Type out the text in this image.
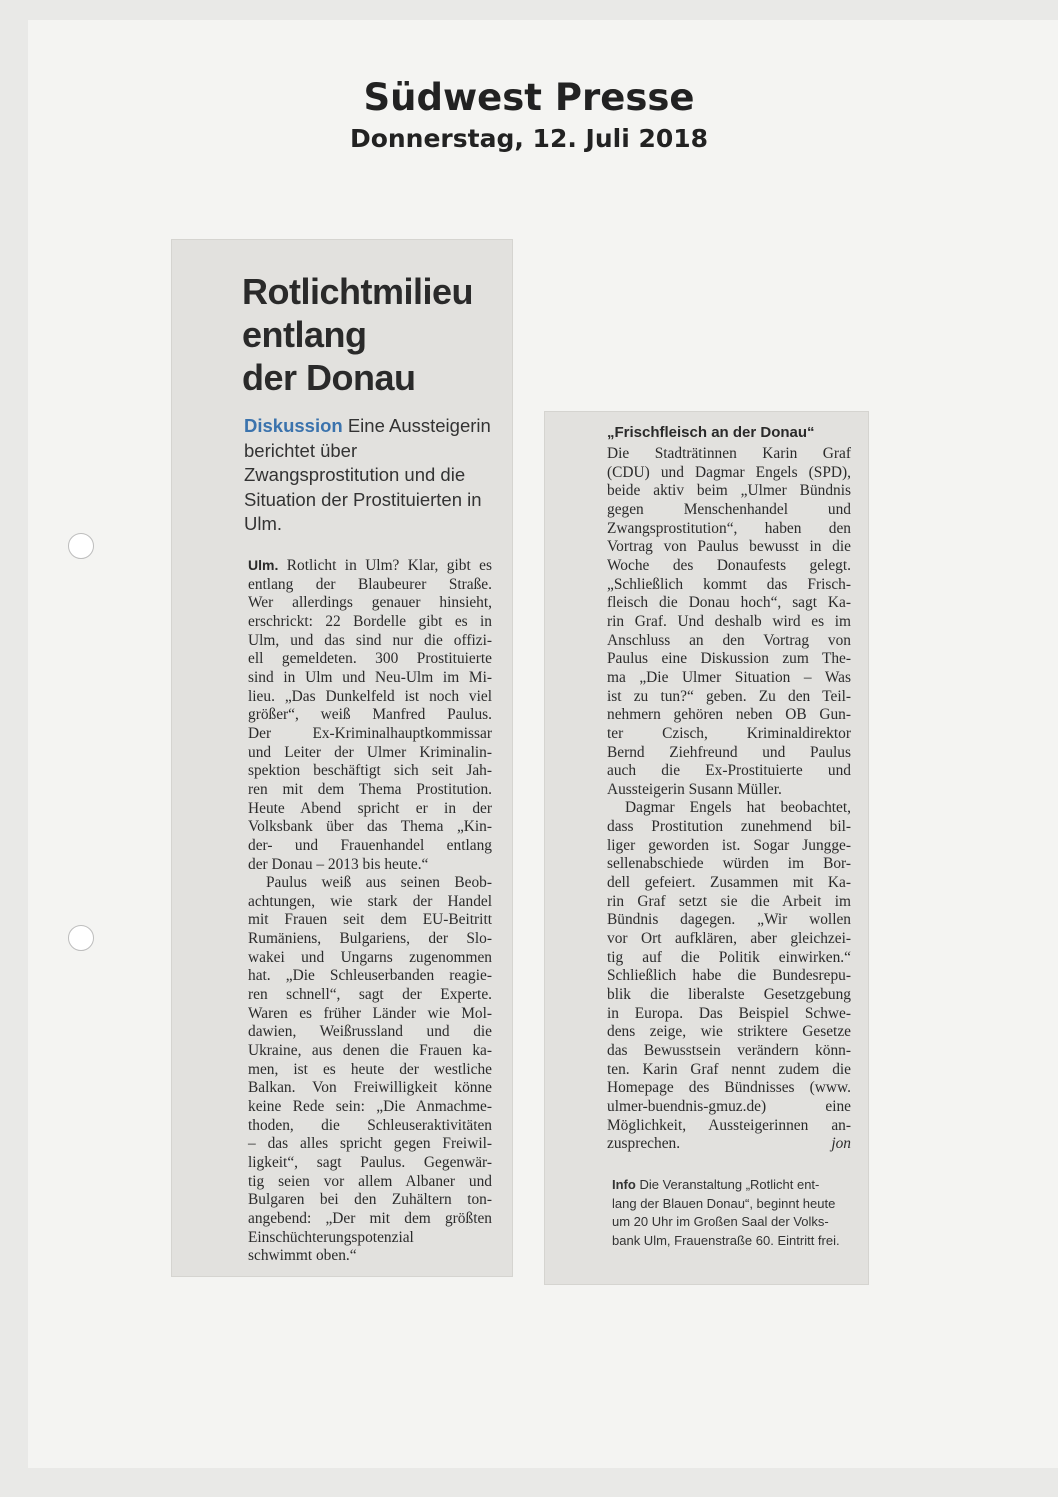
Südwest Presse
Donnerstag, 12. Juli 2018
Rotlichtmilieu
entlang
der Donau
Diskussion Eine Aussteigerin berichtet über Zwangsprostitution und die Situation der Prostituierten in Ulm.
Ulm. Rotlicht in Ulm? Klar, gibt es
entlang der Blaubeurer Straße.
Wer allerdings genauer hinsieht,
erschrickt: 22 Bordelle gibt es in
Ulm, und das sind nur die offizi-
ell gemeldeten. 300 Prostituierte
sind in Ulm und Neu-Ulm im Mi-
lieu. „Das Dunkelfeld ist noch viel
größer“, weiß Manfred Paulus.
Der Ex-Kriminalhauptkommissar
und Leiter der Ulmer Kriminalin-
spektion beschäftigt sich seit Jah-
ren mit dem Thema Prostitution.
Heute Abend spricht er in der
Volksbank über das Thema „Kin-
der- und Frauenhandel entlang
der Donau – 2013 bis heute.“
Paulus weiß aus seinen Beob-
achtungen, wie stark der Handel
mit Frauen seit dem EU-Beitritt
Rumäniens, Bulgariens, der Slo-
wakei und Ungarns zugenommen
hat. „Die Schleuserbanden reagie-
ren schnell“, sagt der Experte.
Waren es früher Länder wie Mol-
dawien, Weißrussland und die
Ukraine, aus denen die Frauen ka-
men, ist es heute der westliche
Balkan. Von Freiwilligkeit könne
keine Rede sein: „Die Anmachme-
thoden, die Schleuseraktivitäten
– das alles spricht gegen Freiwil-
ligkeit“, sagt Paulus. Gegenwär-
tig seien vor allem Albaner und
Bulgaren bei den Zuhältern ton-
angebend: „Der mit dem größten
Einschüchterungspotenzial
schwimmt oben.“
„Frischfleisch an der Donau“
Die Stadträtinnen Karin Graf
(CDU) und Dagmar Engels (SPD),
beide aktiv beim „Ulmer Bündnis
gegen Menschenhandel und
Zwangsprostitution“, haben den
Vortrag von Paulus bewusst in die
Woche des Donaufests gelegt.
„Schließlich kommt das Frisch-
fleisch die Donau hoch“, sagt Ka-
rin Graf. Und deshalb wird es im
Anschluss an den Vortrag von
Paulus eine Diskussion zum The-
ma „Die Ulmer Situation – Was
ist zu tun?“ geben. Zu den Teil-
nehmern gehören neben OB Gun-
ter Czisch, Kriminaldirektor
Bernd Ziehfreund und Paulus
auch die Ex-Prostituierte und
Aussteigerin Susann Müller.
Dagmar Engels hat beobachtet,
dass Prostitution zunehmend bil-
liger geworden ist. Sogar Jungge-
sellenabschiede würden im Bor-
dell gefeiert. Zusammen mit Ka-
rin Graf setzt sie die Arbeit im
Bündnis dagegen. „Wir wollen
vor Ort aufklären, aber gleichzei-
tig auf die Politik einwirken.“
Schließlich habe die Bundesrepu-
blik die liberalste Gesetzgebung
in Europa. Das Beispiel Schwe-
dens zeige, wie striktere Gesetze
das Bewusstsein verändern könn-
ten. Karin Graf nennt zudem die
Homepage des Bündnisses (www.
ulmer-buendnis-gmuz.de) eine
Möglichkeit, Aussteigerinnen an-
zusprechen.	jon
Info Die Veranstaltung „Rotlicht ent-
lang der Blauen Donau“, beginnt heute
um 20 Uhr im Großen Saal der Volks-
bank Ulm, Frauenstraße 60. Eintritt frei.
